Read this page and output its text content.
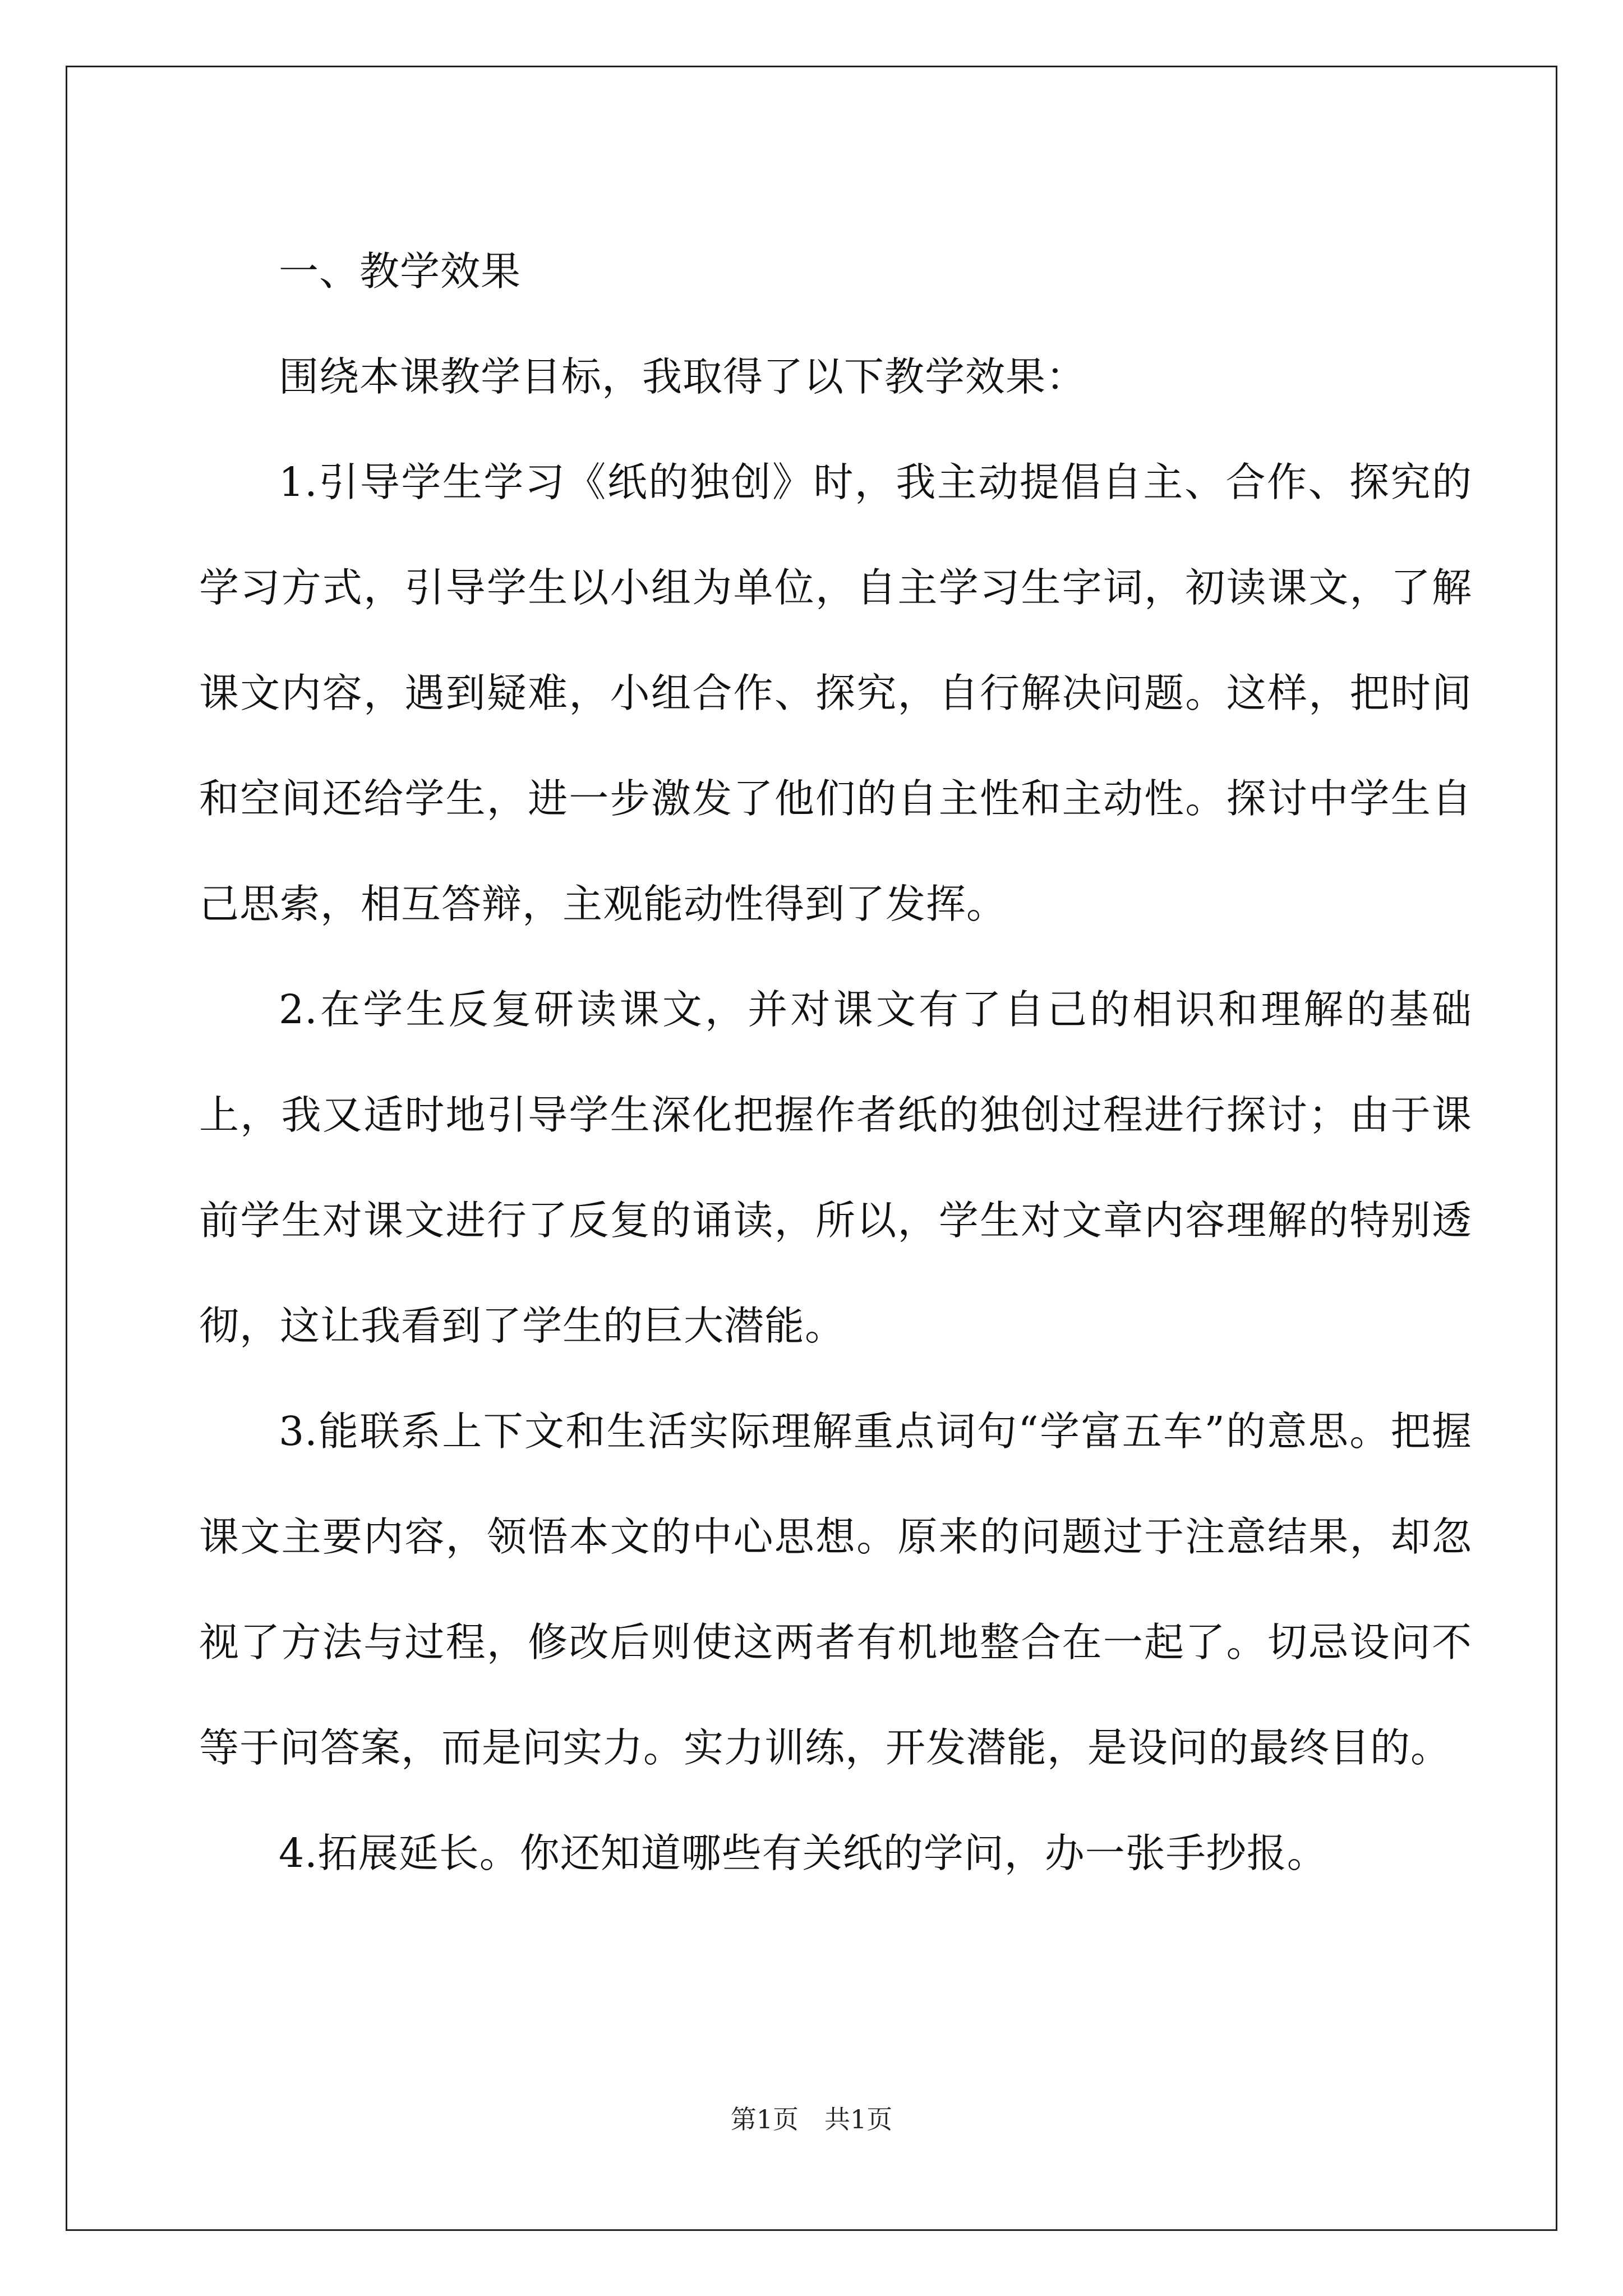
一、教学效果

围绕本课教学目标，我取得了以下教学效果：

1.引导学生学习《纸的独创》时，我主动提倡自主、合作、探究的学习方式，引导学生以小组为单位，自主学习生字词，初读课文，了解课文内容，遇到疑难，小组合作、探究，自行解决问题。这样，把时间和空间还给学生，进一步激发了他们的自主性和主动性。探讨中学生自己思索，相互答辩，主观能动性得到了发挥。

2.在学生反复研读课文，并对课文有了自己的相识和理解的基础上，我又适时地引导学生深化把握作者纸的独创过程进行探讨；由于课前学生对课文进行了反复的诵读，所以，学生对文章内容理解的特别透彻，这让我看到了学生的巨大潜能。

3.能联系上下文和生活实际理解重点词句“学富五车”的意思。把握课文主要内容，领悟本文的中心思想。原来的问题过于注意结果，却忽视了方法与过程，修改后则使这两者有机地整合在一起了。切忌设问不等于问答案，而是问实力。实力训练，开发潜能，是设问的最终目的。

4.拓展延长。你还知道哪些有关纸的学问，办一张手抄报。

第1页 共1页
